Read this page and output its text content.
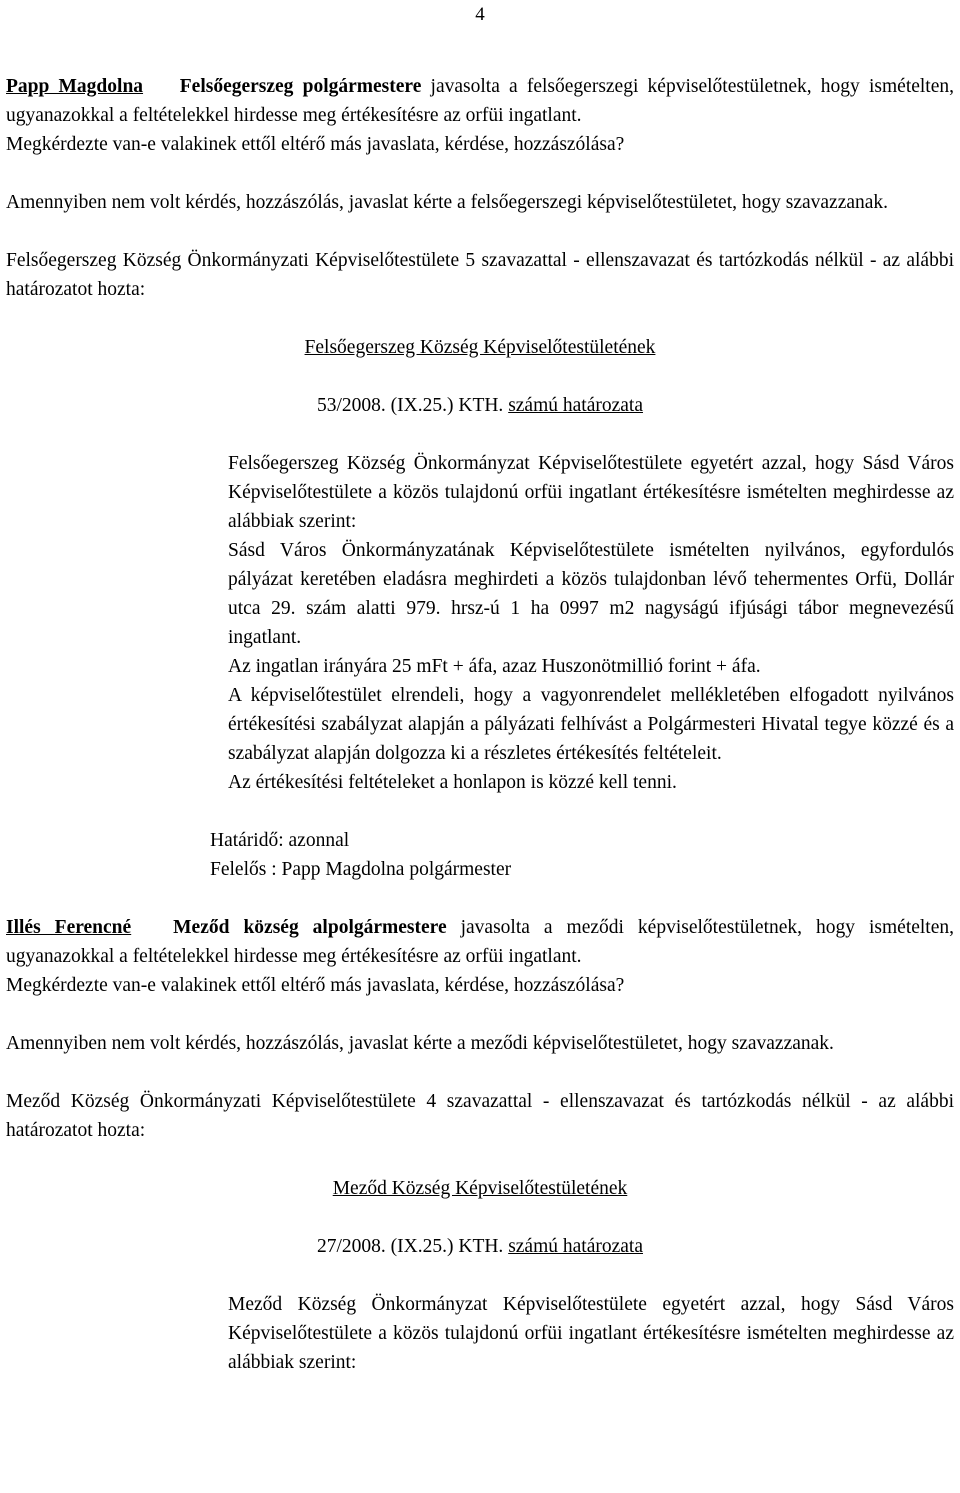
4

Papp Magdolna Felsőegerszeg polgármestere javasolta a felsőegerszegi képviselőtestületnek, hogy ismételten, ugyanazokkal a feltételekkel hirdesse meg értékesítésre az orfüi ingatlant.

Megkérdezte van-e valakinek ettől eltérő más javaslata, kérdése, hozzászólása?

Amennyiben nem volt kérdés, hozzászólás, javaslat kérte a felsőegerszegi képviselőtestületet, hogy szavazzanak.

Felsőegerszeg Község Önkormányzati Képviselőtestülete 5 szavazattal - ellenszavazat és tartózkodás nélkül - az alábbi határozatot hozta:

Felsőegerszeg Község Képviselőtestületének
53/2008. (IX.25.) KTH. számú határozata

Felsőegerszeg Község Önkormányzat Képviselőtestülete egyetért azzal, hogy Sásd Város Képviselőtestülete a közös tulajdonú orfüi ingatlant értékesítésre ismételten meghirdesse az alábbiak szerint:

Sásd Város Önkormányzatának Képviselőtestülete ismételten nyilvános, egyfordulós pályázat keretében eladásra meghirdeti a közös tulajdonban lévő tehermentes Orfü, Dollár utca 29. szám alatti 979. hrsz-ú 1 ha 0997 m2 nagyságú ifjúsági tábor megnevezésű ingatlant.

Az ingatlan irányára 25 mFt + áfa, azaz Huszonötmillió forint + áfa.

A képviselőtestület elrendeli, hogy a vagyonrendelet mellékletében elfogadott nyilvános értékesítési szabályzat alapján a pályázati felhívást a Polgármesteri Hivatal tegye közzé és a szabályzat alapján dolgozza ki a részletes értékesítés feltételeit.

Az értékesítési feltételeket a honlapon is közzé kell tenni.

Határidő: azonnal
Felelős : Papp Magdolna polgármester

Illés Ferencné Meződ község alpolgármestere javasolta a meződi képviselőtestületnek, hogy ismételten, ugyanazokkal a feltételekkel hirdesse meg értékesítésre az orfüi ingatlant.

Megkérdezte van-e valakinek ettől eltérő más javaslata, kérdése, hozzászólása?

Amennyiben nem volt kérdés, hozzászólás, javaslat kérte a meződi képviselőtestületet, hogy szavazzanak.

Meződ Község Önkormányzati Képviselőtestülete 4 szavazattal - ellenszavazat és tartózkodás nélkül - az alábbi határozatot hozta:

Meződ Község Képviselőtestületének
27/2008. (IX.25.) KTH. számú határozata

Meződ Község Önkormányzat Képviselőtestülete egyetért azzal, hogy Sásd Város Képviselőtestülete a közös tulajdonú orfüi ingatlant értékesítésre ismételten meghirdesse az alábbiak szerint:
